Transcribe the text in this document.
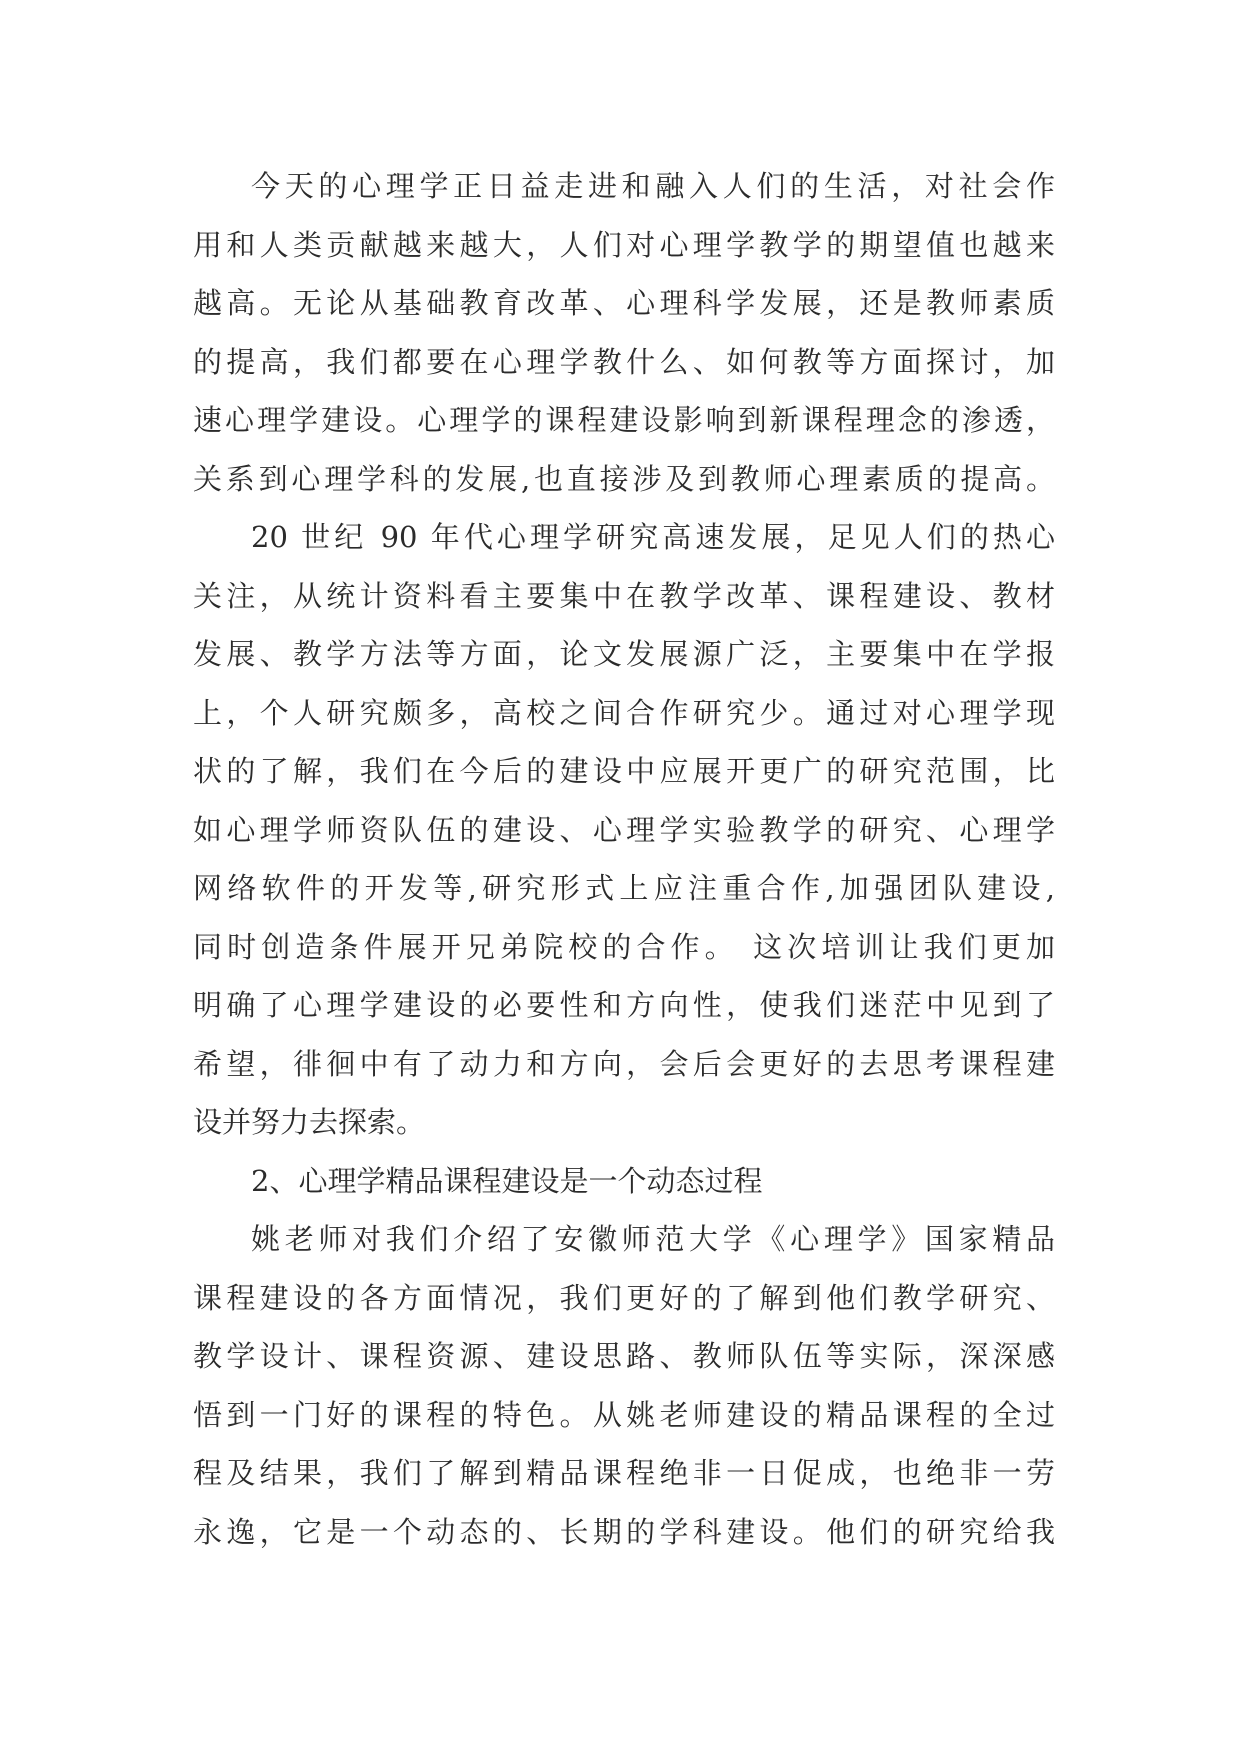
今天的心理学正日益走进和融入人们的生活，对社会作
用和人类贡献越来越大，人们对心理学教学的期望值也越来
越高。无论从基础教育改革、心理科学发展，还是教师素质
的提高，我们都要在心理学教什么、如何教等方面探讨，加
速心理学建设。心理学的课程建设影响到新课程理念的渗透，
关系到心理学科的发展,也直接涉及到教师心理素质的提高。
20 世纪 90 年代心理学研究高速发展，足见人们的热心
关注，从统计资料看主要集中在教学改革、课程建设、教材
发展、教学方法等方面，论文发展源广泛，主要集中在学报
上，个人研究颇多，高校之间合作研究少。通过对心理学现
状的了解，我们在今后的建设中应展开更广的研究范围，比
如心理学师资队伍的建设、心理学实验教学的研究、心理学
网络软件的开发等,研究形式上应注重合作,加强团队建设,
同时创造条件展开兄弟院校的合作。 这次培训让我们更加
明确了心理学建设的必要性和方向性，使我们迷茫中见到了
希望，徘徊中有了动力和方向，会后会更好的去思考课程建
设并努力去探索。
2、心理学精品课程建设是一个动态过程
姚老师对我们介绍了安徽师范大学《心理学》国家精品
课程建设的各方面情况，我们更好的了解到他们教学研究、
教学设计、课程资源、建设思路、教师队伍等实际，深深感
悟到一门好的课程的特色。从姚老师建设的精品课程的全过
程及结果，我们了解到精品课程绝非一日促成，也绝非一劳
永逸，它是一个动态的、长期的学科建设。他们的研究给我
